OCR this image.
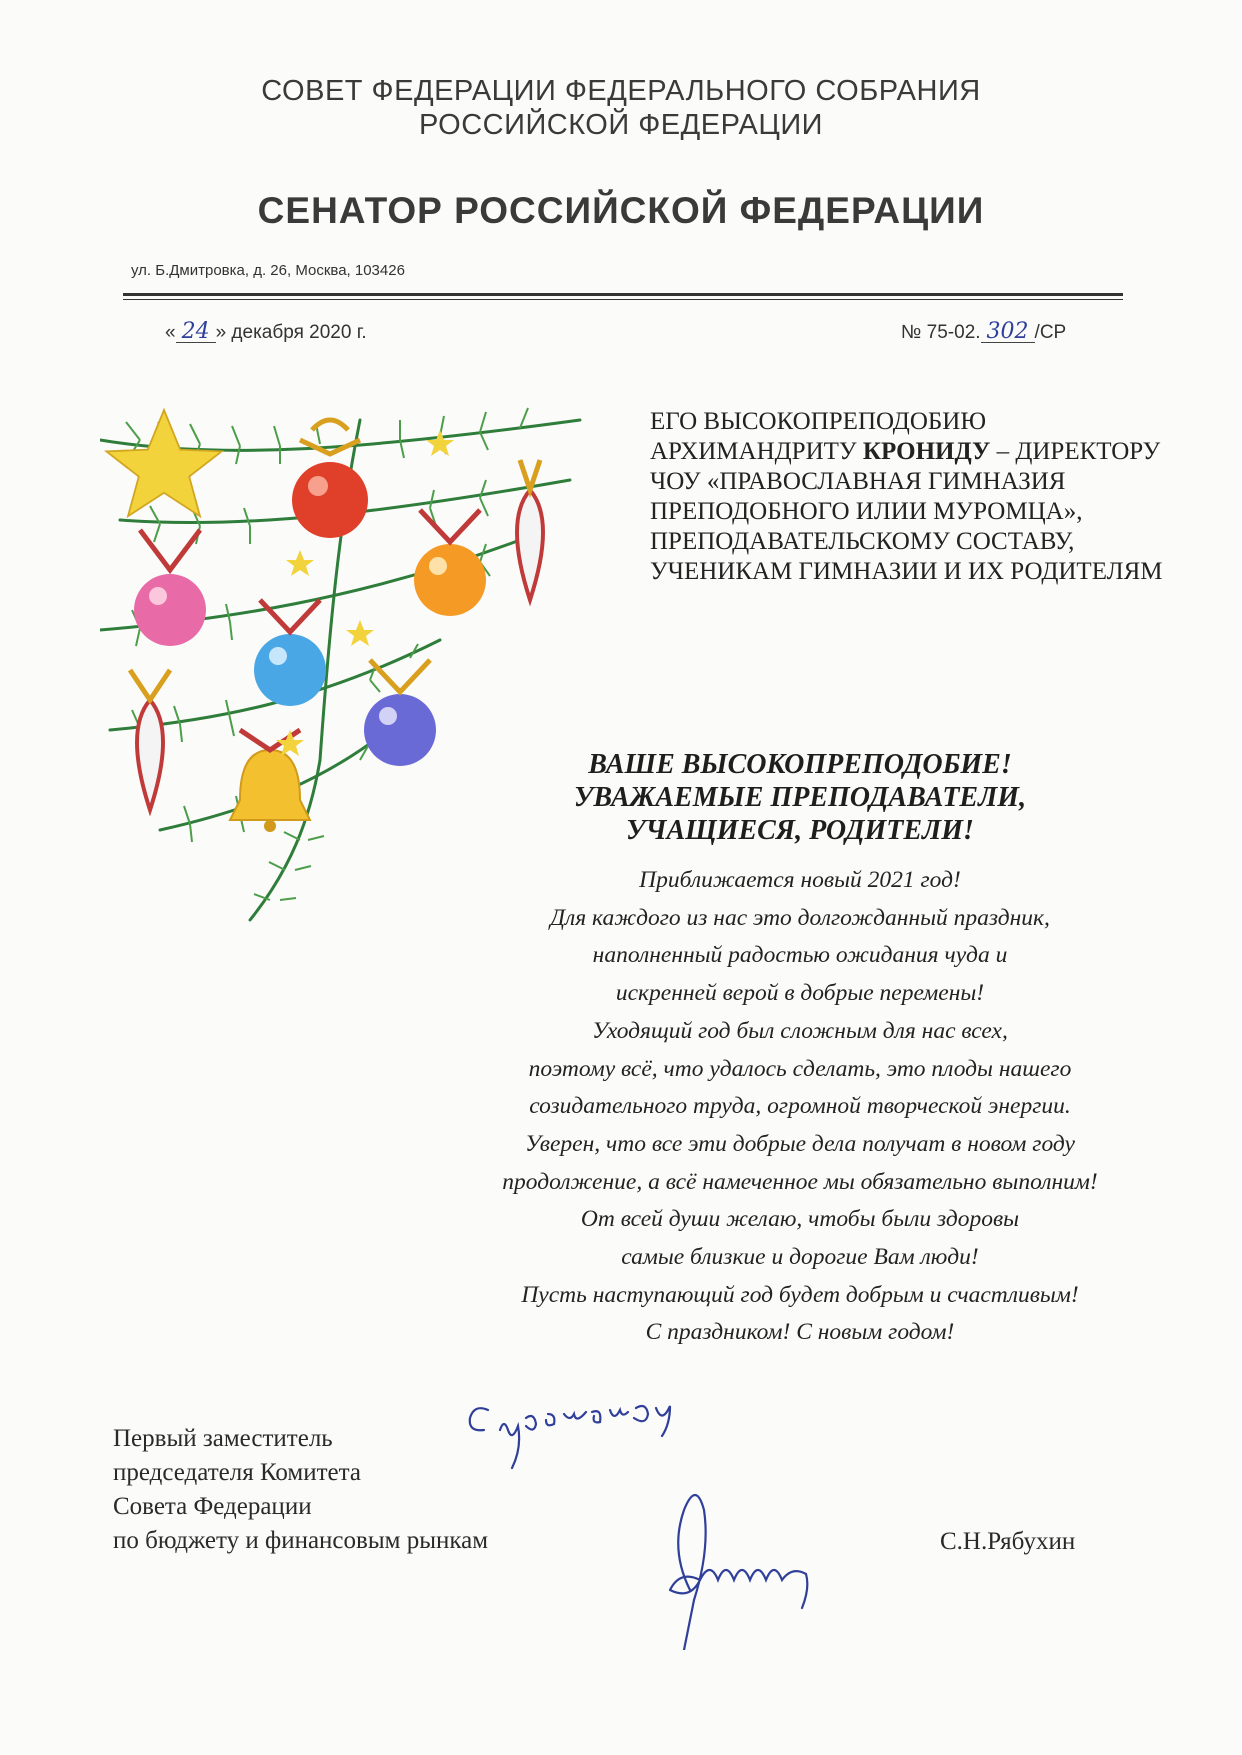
СОВЕТ ФЕДЕРАЦИИ ФЕДЕРАЛЬНОГО СОБРАНИЯ
РОССИЙСКОЙ ФЕДЕРАЦИИ
СЕНАТОР РОССИЙСКОЙ ФЕДЕРАЦИИ
ул. Б.Дмитровка, д. 26, Москва, 103426
« 24 » декабря 2020 г.	№ 75-02. 302 /СР
ЕГО ВЫСОКОПРЕПОДОБИЮ АРХИМАНДРИТУ КРОНИДУ – ДИРЕКТОРУ ЧОУ «ПРАВОСЛАВНАЯ ГИМНАЗИЯ ПРЕПОДОБНОГО ИЛИИ МУРОМЦА», ПРЕПОДАВАТЕЛЬСКОМУ СОСТАВУ, УЧЕНИКАМ ГИМНАЗИИ И ИХ РОДИТЕЛЯМ
ВАШЕ ВЫСОКОПРЕПОДОБИЕ!
УВАЖАЕМЫЕ ПРЕПОДАВАТЕЛИ,
УЧАЩИЕСЯ, РОДИТЕЛИ!
Приближается новый 2021 год!
Для каждого из нас это долгожданный праздник,
наполненный радостью ожидания чуда и
искренней верой в добрые перемены!
Уходящий год был сложным для нас всех,
поэтому всё, что удалось сделать, это плоды нашего
созидательного труда, огромной творческой энергии.
Уверен, что все эти добрые дела получат в новом году
продолжение, а всё намеченное мы обязательно выполним!
От всей души желаю, чтобы были здоровы
самые близкие и дорогие Вам люди!
Пусть наступающий год будет добрым и счастливым!
С праздником! С новым годом!
Первый заместитель
председателя Комитета
Совета Федерации
по бюджету и финансовым рынкам	С.Н.Рябухин
